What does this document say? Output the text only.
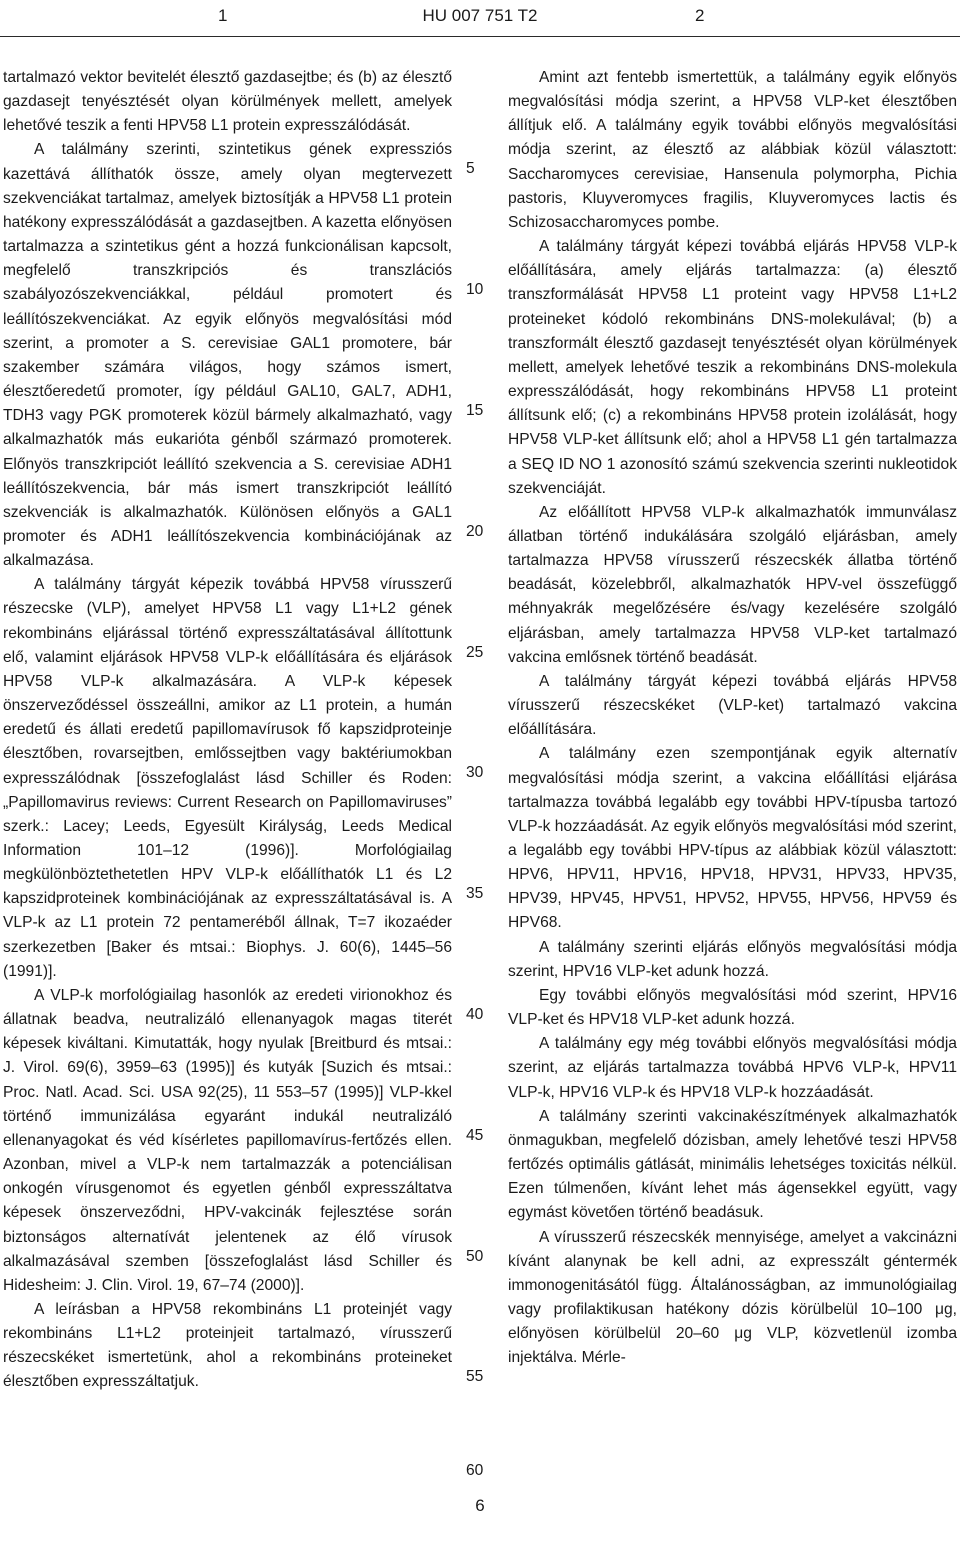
1	HU 007 751 T2	2

tartalmazó vektor bevitelét élesztő gazdasejtbe; és (b) az élesztő gazdasejt tenyésztését olyan körülmények mellett, amelyek lehetővé teszik a fenti HPV58 L1 protein expresszálódását.

A találmány szerinti, szintetikus gének expressziós kazettává állíthatók össze, amely olyan megtervezett szekvenciákat tartalmaz, amelyek biztosítják a HPV58 L1 protein hatékony expresszálódását a gazdasejtben. A kazetta előnyösen tartalmazza a szintetikus gént a hozzá funkcionálisan kapcsolt, megfelelő transzkripciós és transzlációs szabályozószekvenciákkal, például promotert és leállítószekvenciákat. Az egyik előnyös megvalósítási mód szerint, a promoter a S. cerevisiae GAL1 promotere, bár szakember számára világos, hogy számos ismert, élesztőeredetű promoter, így például GAL10, GAL7, ADH1, TDH3 vagy PGK promoterek közül bármely alkalmazható, vagy alkalmazhatók más eukarióta génből származó promoterek. Előnyös transzkripciót leállító szekvencia a S. cerevisiae ADH1 leállítószekvencia, bár más ismert transzkripciót leállító szekvenciák is alkalmazhatók. Különösen előnyös a GAL1 promoter és ADH1 leállítószekvencia kombinációjának az alkalmazása.

A találmány tárgyát képezik továbbá HPV58 vírusszerű részecske (VLP), amelyet HPV58 L1 vagy L1+L2 gének rekombináns eljárással történő expresszáltatásával állítottunk elő, valamint eljárások HPV58 VLP-k előállítására és eljárások HPV58 VLP-k alkalmazására. A VLP-k képesek önszerveződéssel összeállni, amikor az L1 protein, a humán eredetű és állati eredetű papillomavírusok fő kapszidproteinje élesztőben, rovarsejtben, emlőssejtben vagy baktériumokban expresszálódnak [összefoglalást lásd Schiller és Roden: „Papillomavirus reviews: Current Research on Papillomaviruses” szerk.: Lacey; Leeds, Egyesült Királyság, Leeds Medical Information 101–12 (1996)]. Morfológiailag megkülönböztethetetlen HPV VLP-k előállíthatók L1 és L2 kapszidproteinek kombinációjának az expresszáltatásával is. A VLP-k az L1 protein 72 pentameréből állnak, T=7 ikozaéder szerkezetben [Baker és mtsai.: Biophys. J. 60(6), 1445–56 (1991)].

A VLP-k morfológiailag hasonlók az eredeti virionokhoz és állatnak beadva, neutralizáló ellenanyagok magas titerét képesek kiváltani. Kimutatták, hogy nyulak [Breitburd és mtsai.: J. Virol. 69(6), 3959–63 (1995)] és kutyák [Suzich és mtsai.: Proc. Natl. Acad. Sci. USA 92(25), 11 553–57 (1995)] VLP-kkel történő immunizálása egyaránt indukál neutralizáló ellenanyagokat és véd kísérletes papillomavírus-fertőzés ellen. Azonban, mivel a VLP-k nem tartalmazzák a potenciálisan onkogén vírusgenomot és egyetlen génből expresszáltatva képesek önszerveződni, HPV-vakcinák fejlesztése során biztonságos alternatívát jelentenek az élő vírusok alkalmazásával szemben [összefoglalást lásd Schiller és Hidesheim: J. Clin. Virol. 19, 67–74 (2000)].

A leírásban a HPV58 rekombináns L1 proteinjét vagy rekombináns L1+L2 proteinjeit tartalmazó, vírusszerű részecskéket ismertetünk, ahol a rekombináns proteineket élesztőben expresszáltatjuk.

5
10
15
20
25
30
35
40
45
50
55
60

Amint azt fentebb ismertettük, a találmány egyik előnyös megvalósítási módja szerint, a HPV58 VLP-ket élesztőben állítjuk elő. A találmány egyik további előnyös megvalósítási módja szerint, az élesztő az alábbiak közül választott: Saccharomyces cerevisiae, Hansenula polymorpha, Pichia pastoris, Kluyveromyces fragilis, Kluyveromyces lactis és Schizosaccharomyces pombe.

A találmány tárgyát képezi továbbá eljárás HPV58 VLP-k előállítására, amely eljárás tartalmazza: (a) élesztő transzformálását HPV58 L1 proteint vagy HPV58 L1+L2 proteineket kódoló rekombináns DNS-molekulával; (b) a transzformált élesztő gazdasejt tenyésztését olyan körülmények mellett, amelyek lehetővé teszik a rekombináns DNS-molekula expresszálódását, hogy rekombináns HPV58 L1 proteint állítsunk elő; (c) a rekombináns HPV58 protein izolálását, hogy HPV58 VLP-ket állítsunk elő; ahol a HPV58 L1 gén tartalmazza a SEQ ID NO 1 azonosító számú szekvencia szerinti nukleotidok szekvenciáját.

Az előállított HPV58 VLP-k alkalmazhatók immunválasz állatban történő indukálására szolgáló eljárásban, amely tartalmazza HPV58 vírusszerű részecskék állatba történő beadását, közelebbről, alkalmazhatók HPV-vel összefüggő méhnyakrák megelőzésére és/vagy kezelésére szolgáló eljárásban, amely tartalmazza HPV58 VLP-ket tartalmazó vakcina emlősnek történő beadását.

A találmány tárgyát képezi továbbá eljárás HPV58 vírusszerű részecskéket (VLP-ket) tartalmazó vakcina előállítására.

A találmány ezen szempontjának egyik alternatív megvalósítási módja szerint, a vakcina előállítási eljárása tartalmazza továbbá legalább egy további HPV-típusba tartozó VLP-k hozzáadását. Az egyik előnyös megvalósítási mód szerint, a legalább egy további HPV-típus az alábbiak közül választott: HPV6, HPV11, HPV16, HPV18, HPV31, HPV33, HPV35, HPV39, HPV45, HPV51, HPV52, HPV55, HPV56, HPV59 és HPV68.

A találmány szerinti eljárás előnyös megvalósítási módja szerint, HPV16 VLP-ket adunk hozzá.

Egy további előnyös megvalósítási mód szerint, HPV16 VLP-ket és HPV18 VLP-ket adunk hozzá.

A találmány egy még további előnyös megvalósítási módja szerint, az eljárás tartalmazza továbbá HPV6 VLP-k, HPV11 VLP-k, HPV16 VLP-k és HPV18 VLP-k hozzáadását.

A találmány szerinti vakcinakészítmények alkalmazhatók önmagukban, megfelelő dózisban, amely lehetővé teszi HPV58 fertőzés optimális gátlását, minimális lehetséges toxicitás nélkül. Ezen túlmenően, kívánt lehet más ágensekkel együtt, vagy egymást követően történő beadásuk.

A vírusszerű részecskék mennyisége, amelyet a vakcinázni kívánt alanynak be kell adni, az expresszált géntermék immonogenitásától függ. Általánosságban, az immunológiailag vagy profilaktikusan hatékony dózis körülbelül 10–100 μg, előnyösen körülbelül 20–60 μg VLP, közvetlenül izomba injektálva. Mérle-

6
